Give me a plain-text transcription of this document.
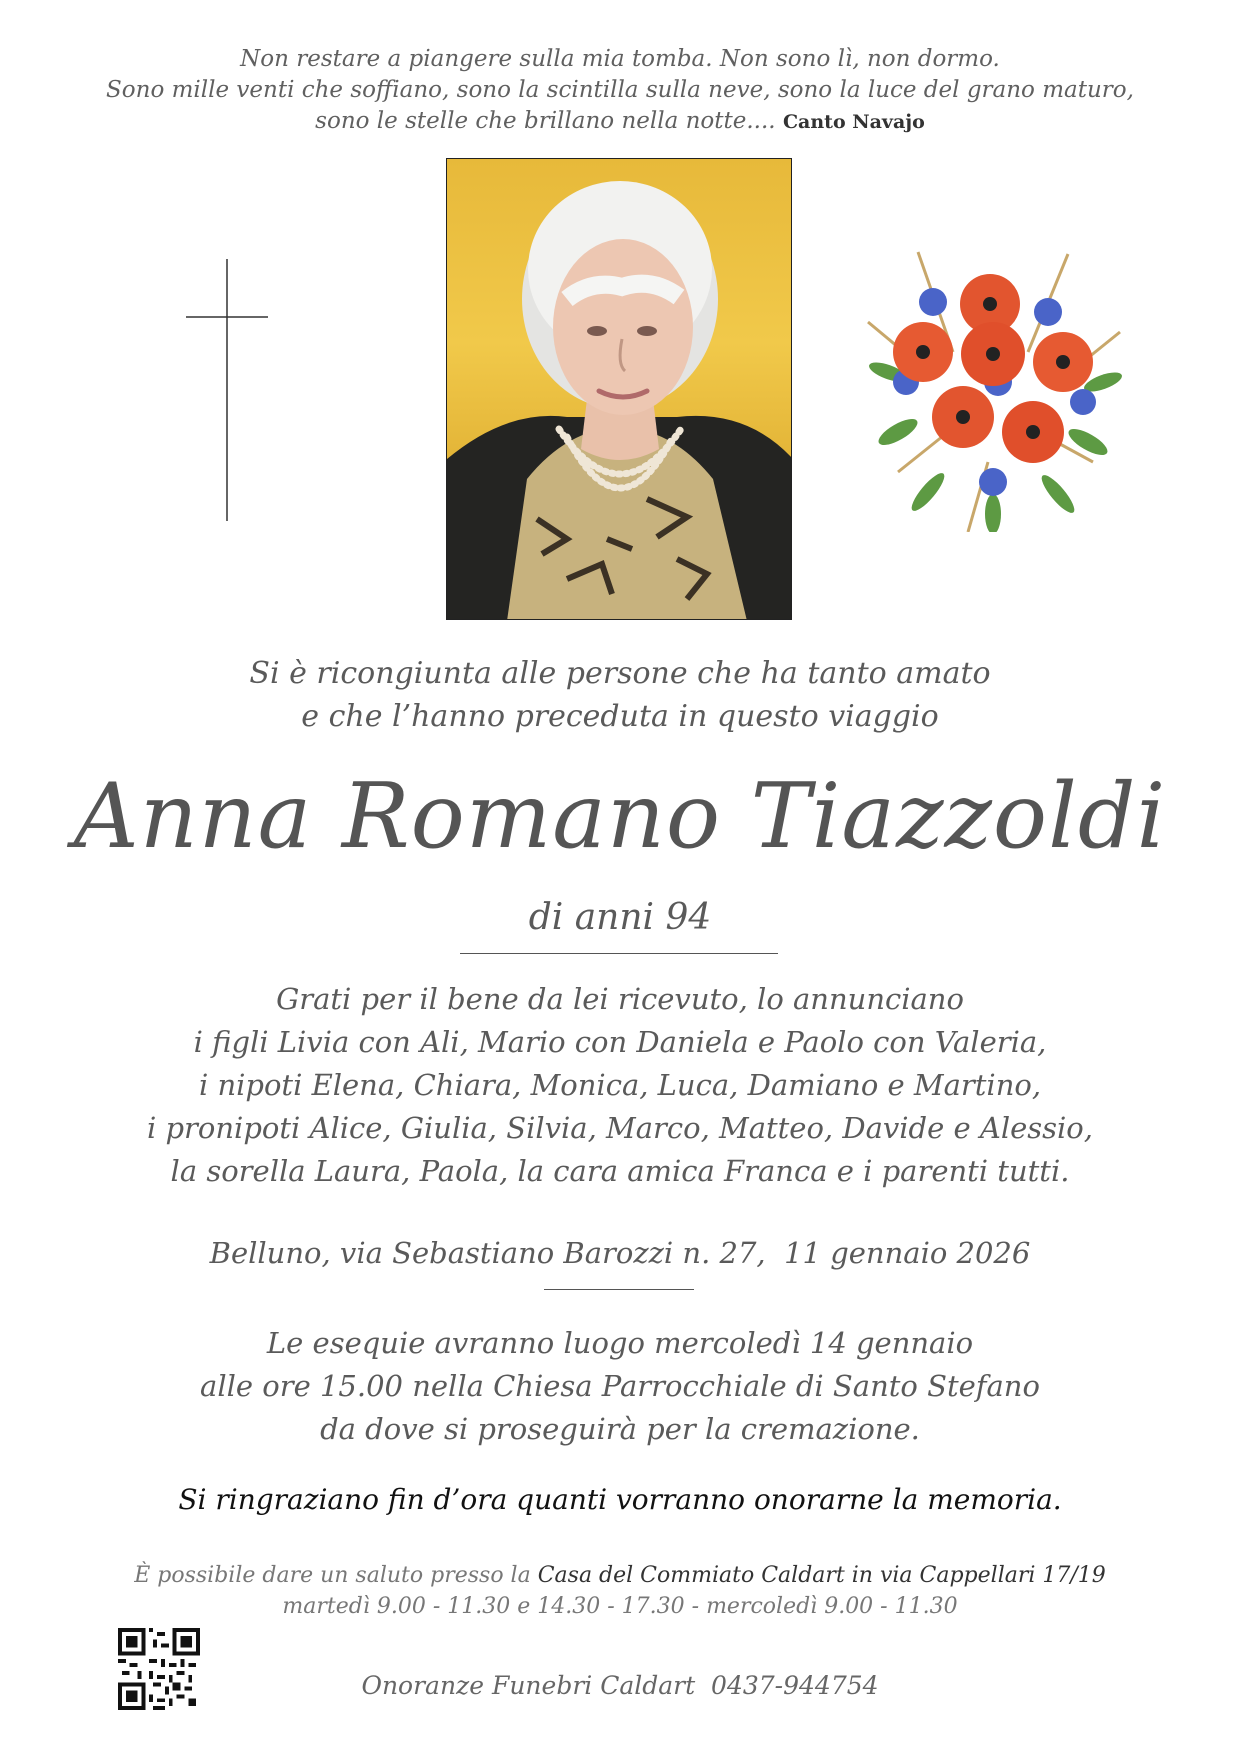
Non restare a piangere sulla mia tomba. Non sono lì, non dormo.
Sono mille venti che soffiano, sono la scintilla sulla neve, sono la luce del grano maturo,
sono le stelle che brillano nella notte.... Canto Navajo
Si è ricongiunta alle persone che ha tanto amato
e che l’hanno preceduta in questo viaggio
Anna Romano Tiazzoldi
di anni 94
Grati per il bene da lei ricevuto, lo annunciano
i figli Livia con Ali, Mario con Daniela e Paolo con Valeria,
i nipoti Elena, Chiara, Monica, Luca, Damiano e Martino,
i pronipoti Alice, Giulia, Silvia, Marco, Matteo, Davide e Alessio,
la sorella Laura, Paola, la cara amica Franca e i parenti tutti.
Belluno, via Sebastiano Barozzi n. 27,  11 gennaio 2026
Le esequie avranno luogo mercoledì 14 gennaio
alle ore 15.00 nella Chiesa Parrocchiale di Santo Stefano
da dove si proseguirà per la cremazione.
Si ringraziano fin d’ora quanti vorranno onorarne la memoria.
È possibile dare un saluto presso la Casa del Commiato Caldart in via Cappellari 17/19
martedì 9.00 - 11.30 e 14.30 - 17.30 - mercoledì 9.00 - 11.30
Onoranze Funebri Caldart  0437-944754
